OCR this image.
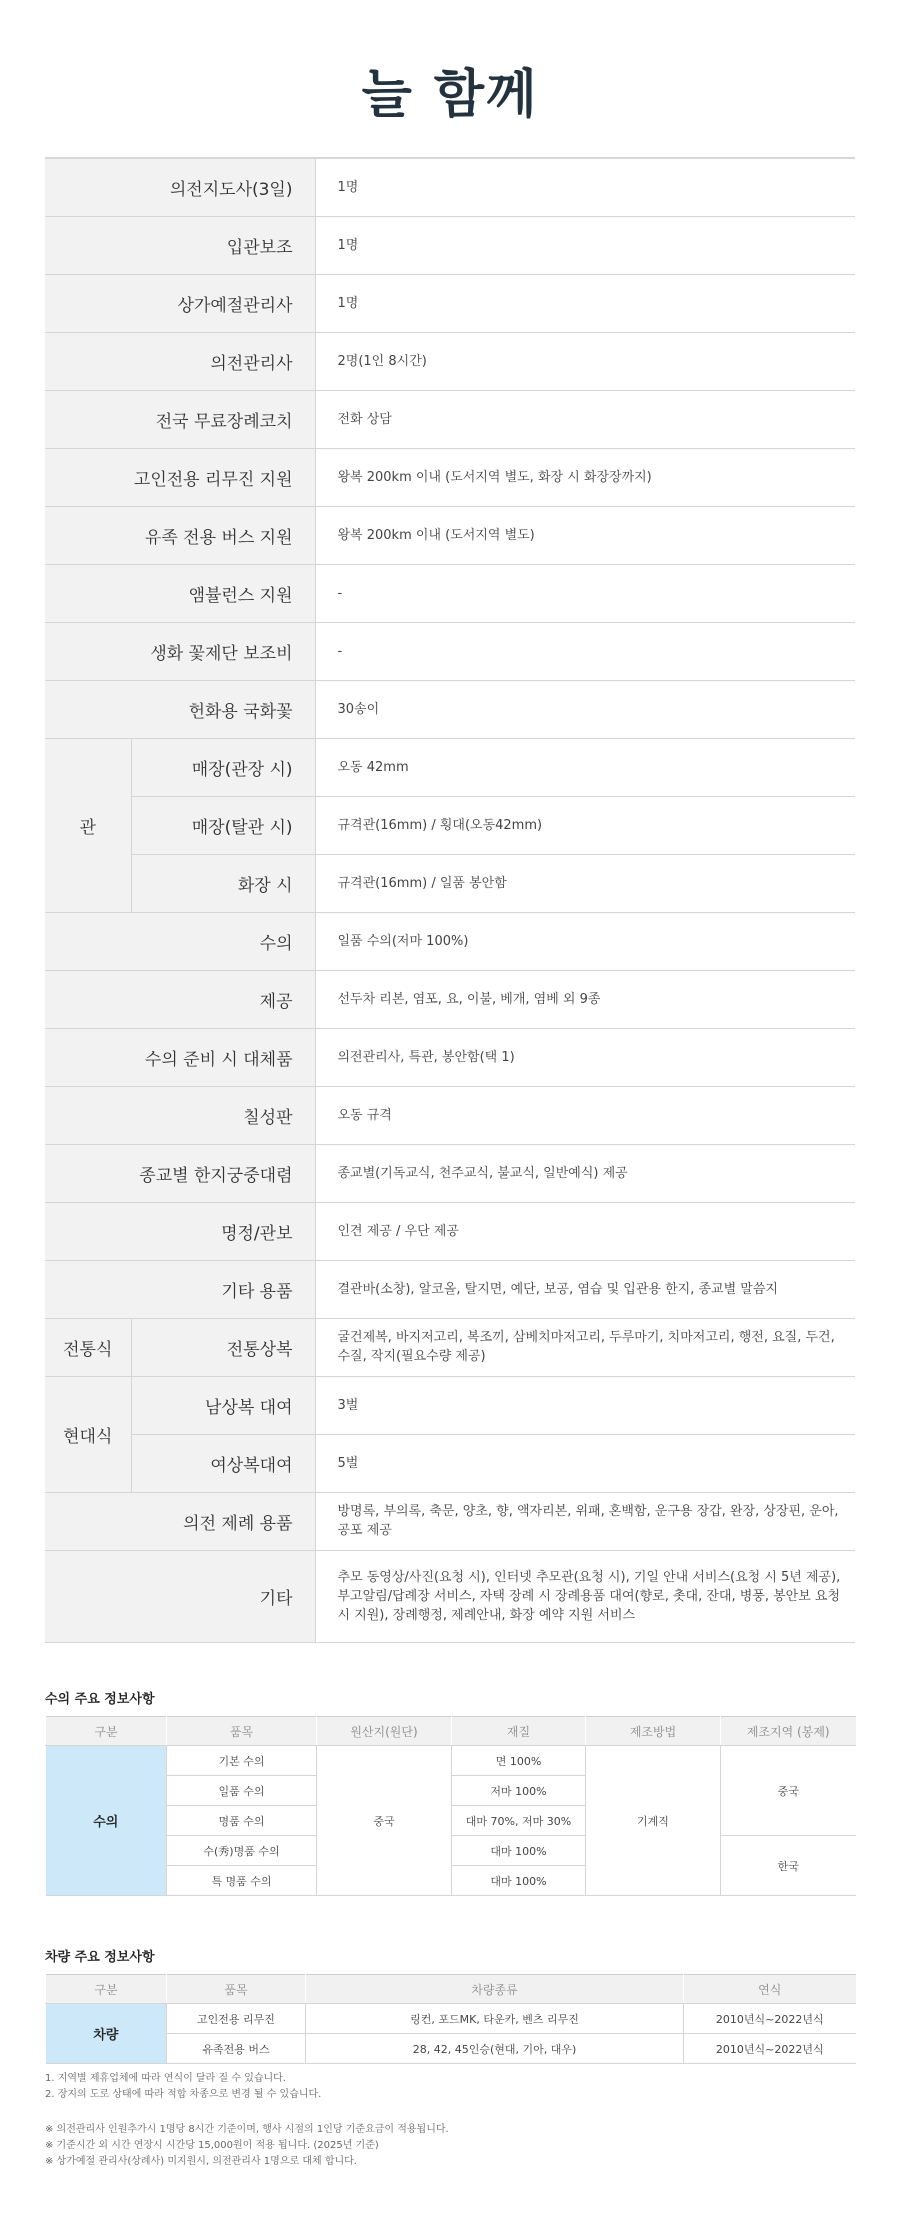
늘 함께
의전지도사(3일)		1명
입관보조		1명
상가예절관리사		1명
의전관리사		2명(1인 8시간)
전국 무료장례코치		전화 상담
고인전용 리무진 지원		왕복 200km 이내 (도서지역 별도, 화장 시 화장장까지)
유족 전용 버스 지원		왕복 200km 이내 (도서지역 별도)
앰뷸런스 지원		-
생화 꽃제단 보조비		-
헌화용 국화꽃		30송이
관	매장(관장 시)	오동 42mm
	매장(탈관 시)	규격관(16mm) / 횡대(오동42mm)
	화장 시	규격관(16mm) / 일품 봉안함
수의		일품 수의(저마 100%)
제공		선두차 리본, 염포, 요, 이불, 베개, 염베 외 9종
수의 준비 시 대체품		의전관리사, 특관, 봉안함(택 1)
칠성판		오동 규격
종교별 한지궁중대렴		종교별(기독교식, 천주교식, 불교식, 일반예식) 제공
명정/관보		인견 제공 / 우단 제공
기타 용품		결관바(소창), 알코올, 탈지면, 예단, 보공, 염습 및 입관용 한지, 종교별 말씀지
전통식	전통상복	굴건제복, 바지저고리, 복조끼, 삼베치마저고리, 두루마기, 치마저고리, 행전, 요질, 두건, 수질, 작지(필요수량 제공)
현대식	남상복 대여	3벌
	여상복대여	5벌
의전 제례 용품		방명록, 부의록, 축문, 양초, 향, 액자리본, 위패, 혼백함, 운구용 장갑, 완장, 상장핀, 운아, 공포 제공
기타		추모 동영상/사진(요청 시), 인터넷 추모관(요청 시), 기일 안내 서비스(요청 시 5년 제공), 부고알림/답례장 서비스, 자택 장례 시 장례용품 대여(향로, 촛대, 잔대, 병풍, 봉안보 요청 시 지원), 장례행정, 제례안내, 화장 예약 지원 서비스
수의 주요 정보사항
구분	품목	원산지(원단)	재질	제조방법	제조지역 (봉제)
수의	기본 수의	중국	면 100%	기계직	중국
	일품 수의		저마 100%		
	명품 수의		대마 70%, 저마 30%		
	수(秀)명품 수의		대마 100%		한국
	특 명품 수의		대마 100%		
차량 주요 정보사항
구분	품목	차량종류	연식
차량	고인전용 리무진	링컨, 포드MK, 타운카, 벤츠 리무진	2010년식~2022년식
	유족전용 버스	28, 42, 45인승(현대, 기아, 대우)	2010년식~2022년식
1. 지역별 제휴업체에 따라 연식이 달라 질 수 있습니다.
2. 장지의 도로 상태에 따라 적합 차종으로 변경 될 수 있습니다.
※ 의전관리사 인원추가시 1명당 8시간 기준이며, 행사 시점의 1인당 기준요금이 적용됩니다.
※ 기준시간 외 시간 연장시 시간당 15,000원이 적용 됩니다. (2025년 기준)
※ 상가예절 관리사(상례사) 미지원시, 의전관리사 1명으로 대체 합니다.
